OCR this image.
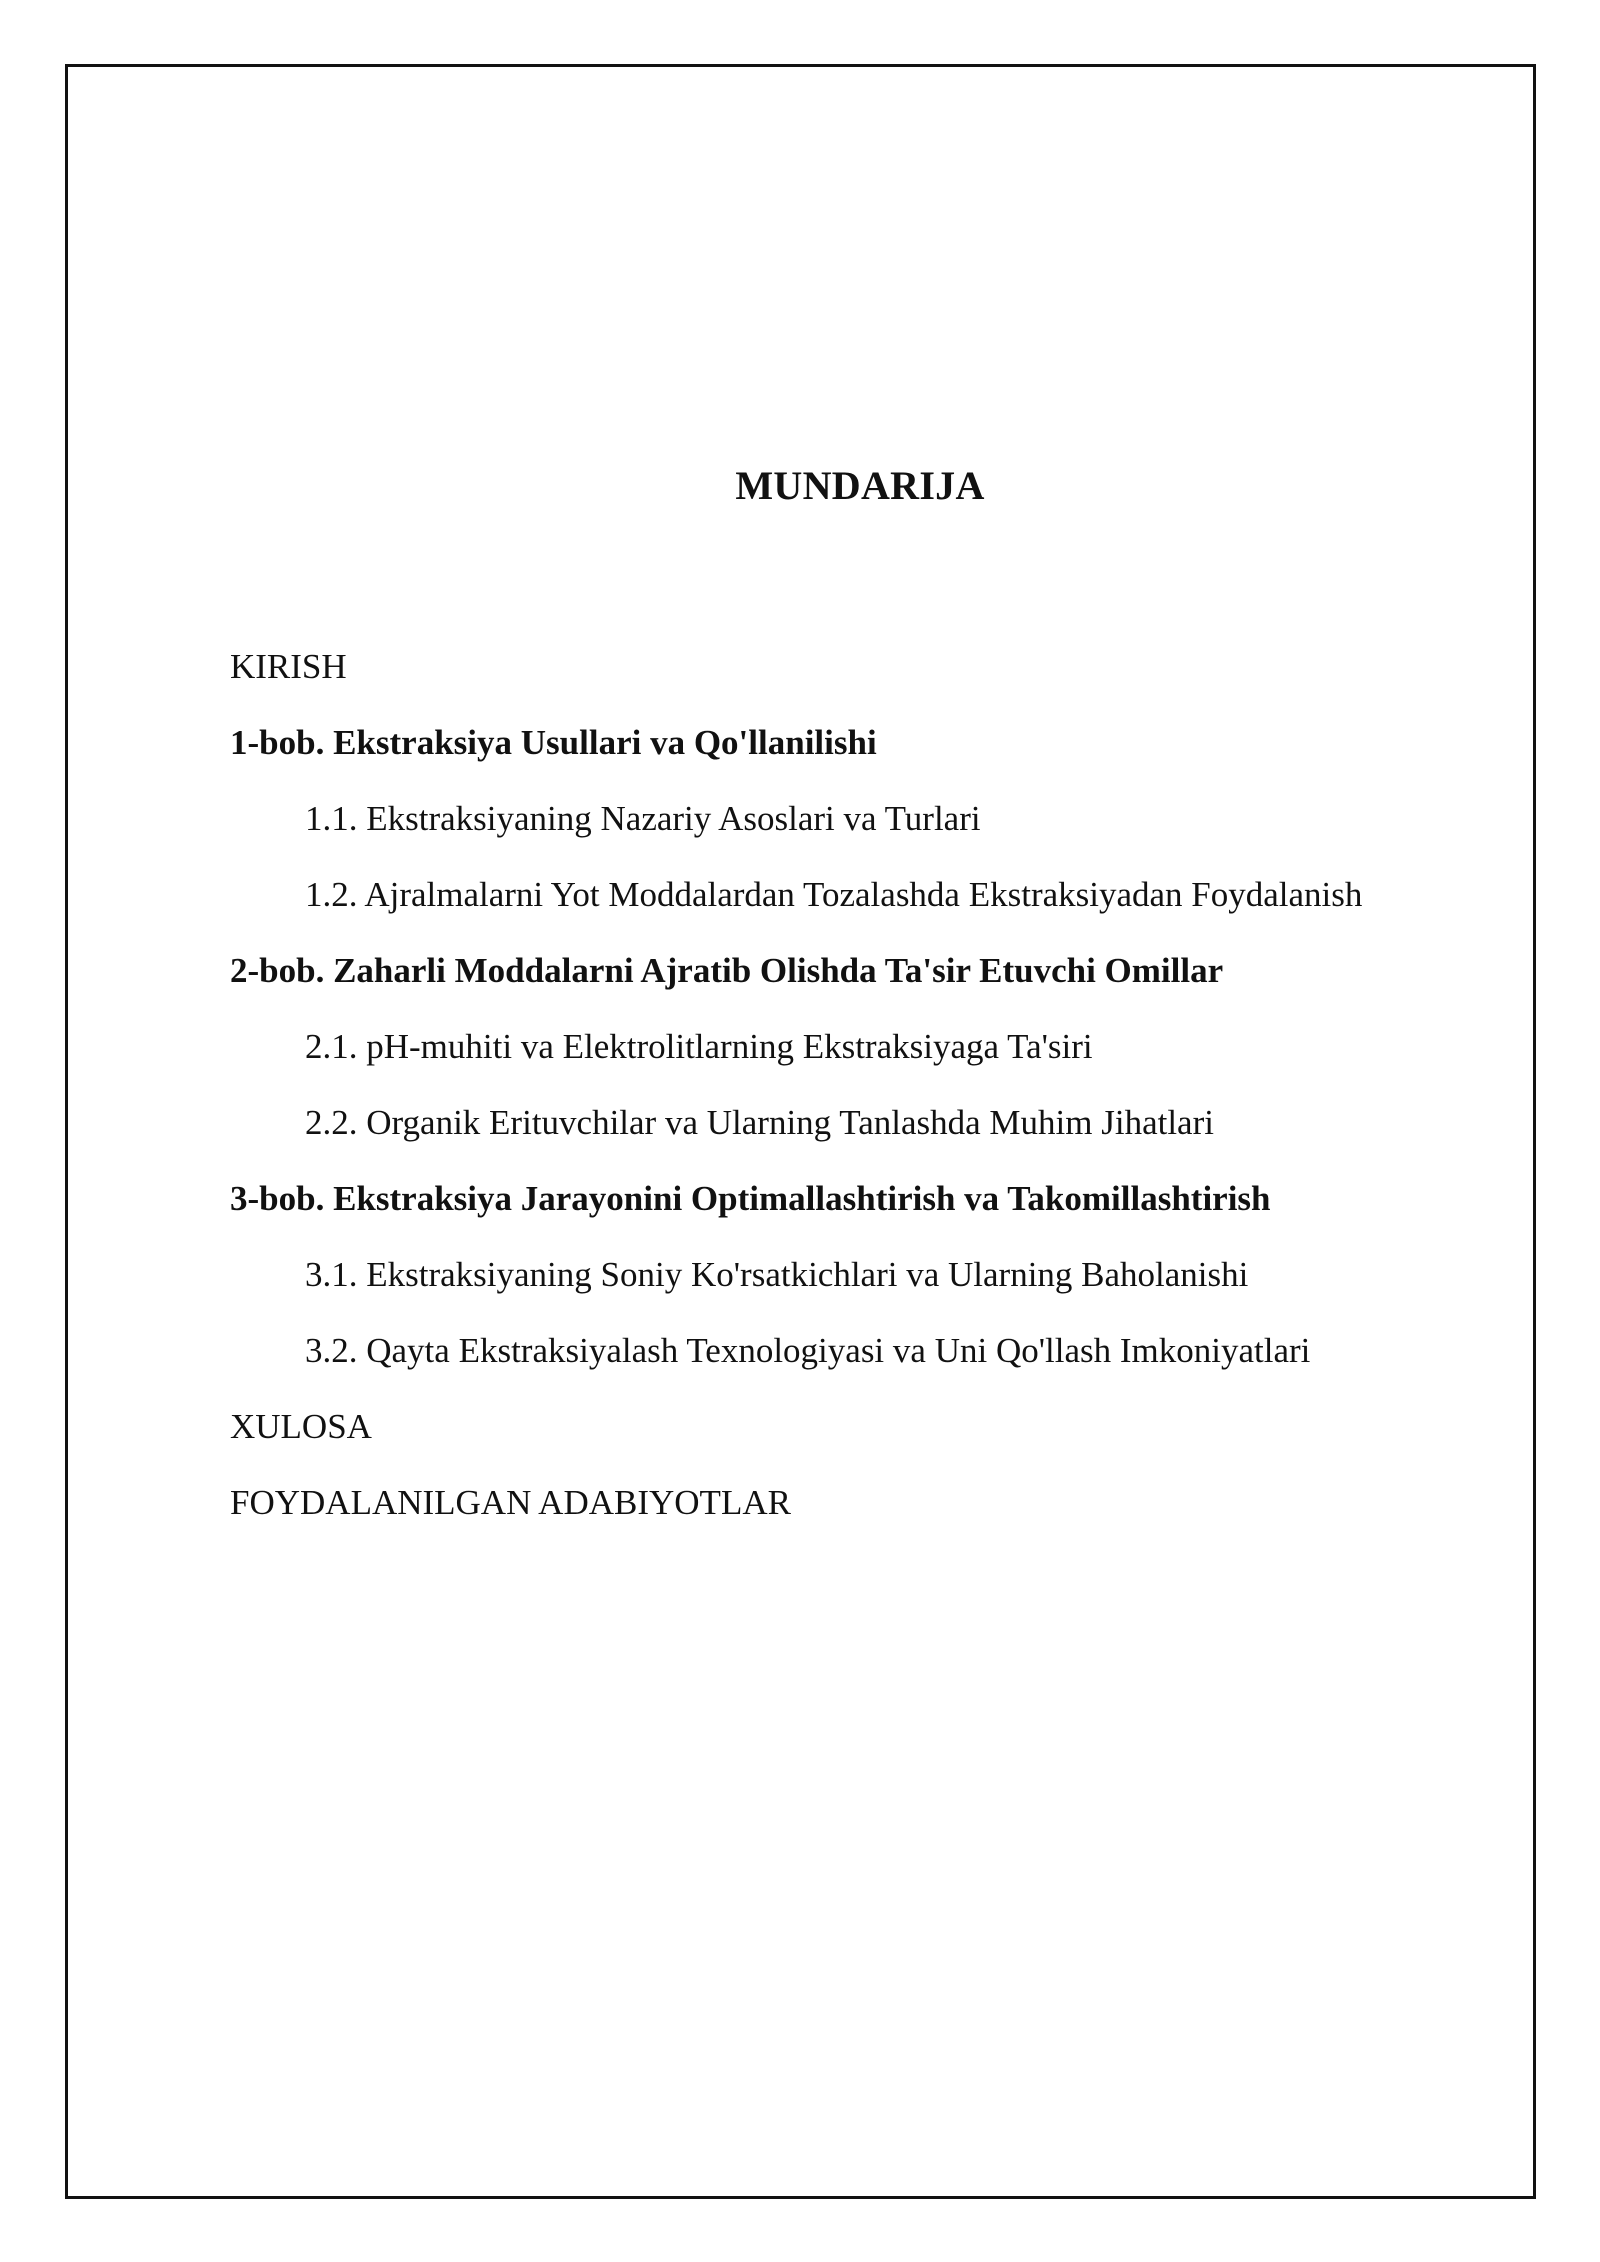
MUNDARIJA
KIRISH
1-bob. Ekstraksiya Usullari va Qo'llanilishi
1.1. Ekstraksiyaning Nazariy Asoslari va Turlari
1.2. Ajralmalarni Yot Moddalardan Tozalashda Ekstraksiyadan Foydalanish
2-bob. Zaharli Moddalarni Ajratib Olishda Ta'sir Etuvchi Omillar
2.1. pH-muhiti va Elektrolitlarning Ekstraksiyaga Ta'siri
2.2. Organik Erituvchilar va Ularning Tanlashda Muhim Jihatlari
3-bob. Ekstraksiya Jarayonini Optimallashtirish va Takomillashtirish
3.1. Ekstraksiyaning Soniy Ko'rsatkichlari va Ularning Baholanishi
3.2. Qayta Ekstraksiyalash Texnologiyasi va Uni Qo'llash Imkoniyatlari
XULOSA
FOYDALANILGAN ADABIYOTLAR
